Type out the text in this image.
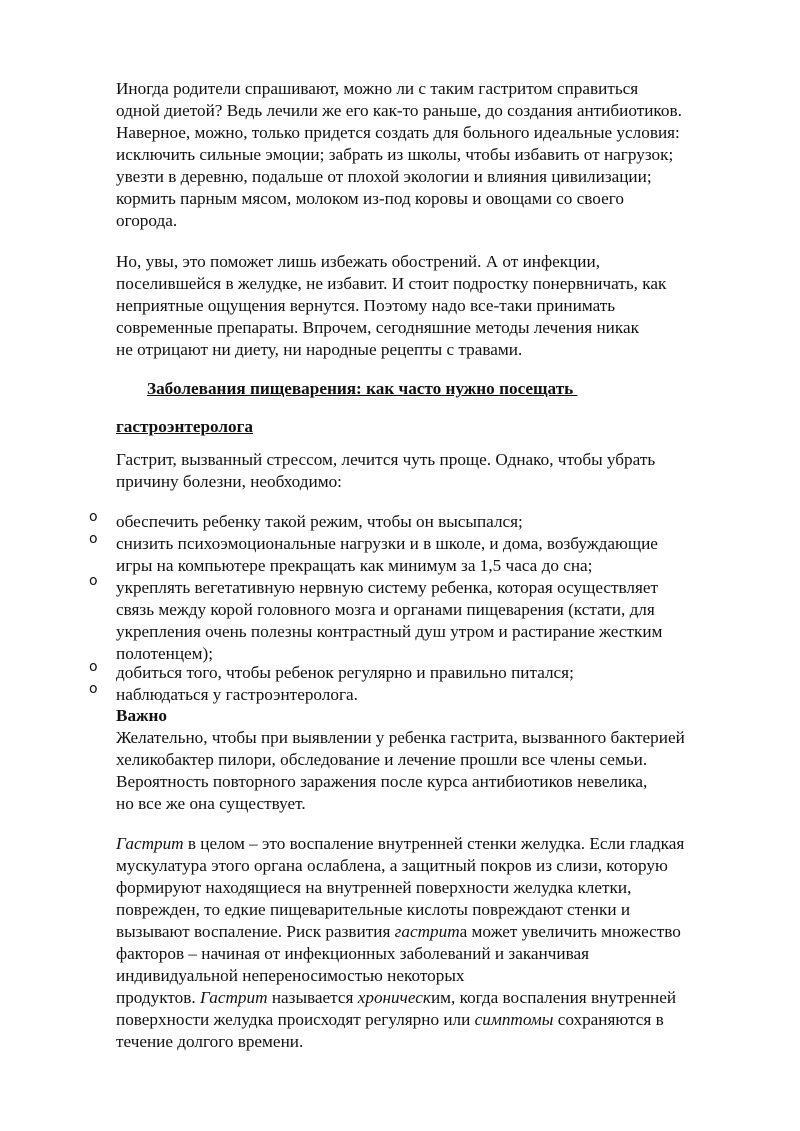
Иногда родители спрашивают, можно ли с таким гастритом справиться
одной диетой? Ведь лечили же его как-то раньше, до создания антибиотиков.
Наверное, можно, только придется создать для больного идеальные условия:
исключить сильные эмоции; забрать из школы, чтобы избавить от нагрузок;
увезти в деревню, подальше от плохой экологии и влияния цивилизации;
кормить парным мясом, молоком из-под коровы и овощами со своего
огорода.
Но, увы, это поможет лишь избежать обострений. А от инфекции,
поселившейся в желудке, не избавит. И стоит подростку понервничать, как
неприятные ощущения вернутся. Поэтому надо все-таки принимать
современные препараты. Впрочем, сегодняшние методы лечения никак
не отрицают ни диету, ни народные рецепты с травами.
Заболевания пищеварения: как часто нужно посещать
гастроэнтеролога
Гастрит, вызванный стрессом, лечится чуть проще. Однако, чтобы убрать
причину болезни, необходимо:
o обеспечить ребенку такой режим, чтобы он высыпался;
o снизить психоэмоциональные нагрузки и в школе, и дома, возбуждающие
игры на компьютере прекращать как минимум за 1,5 часа до сна;
o укреплять вегетативную нервную систему ребенка, которая осуществляет
связь между корой головного мозга и органами пищеварения (кстати, для
укрепления очень полезны контрастный душ утром и растирание жестким
полотенцем);
o добиться того, чтобы ребенок регулярно и правильно питался;
o наблюдаться у гастроэнтеролога.
Важно
Желательно, чтобы при выявлении у ребенка гастрита, вызванного бактерией
хеликобактер пилори, обследование и лечение прошли все члены семьи.
Вероятность повторного заражения после курса антибиотиков невелика,
но все же она существует.
Гастрит в целом – это воспаление внутренней стенки желудка. Если гладкая
мускулатура этого органа ослаблена, а защитный покров из слизи, которую
формируют находящиеся на внутренней поверхности желудка клетки,
поврежден, то едкие пищеварительные кислоты повреждают стенки и
вызывают воспаление. Риск развития гастрита может увеличить множество
факторов – начиная от инфекционных заболеваний и заканчивая
индивидуальной непереносимостью некоторых
продуктов. Гастрит называется хроническим, когда воспаления внутренней
поверхности желудка происходят регулярно или симптомы сохраняются в
течение долгого времени.
